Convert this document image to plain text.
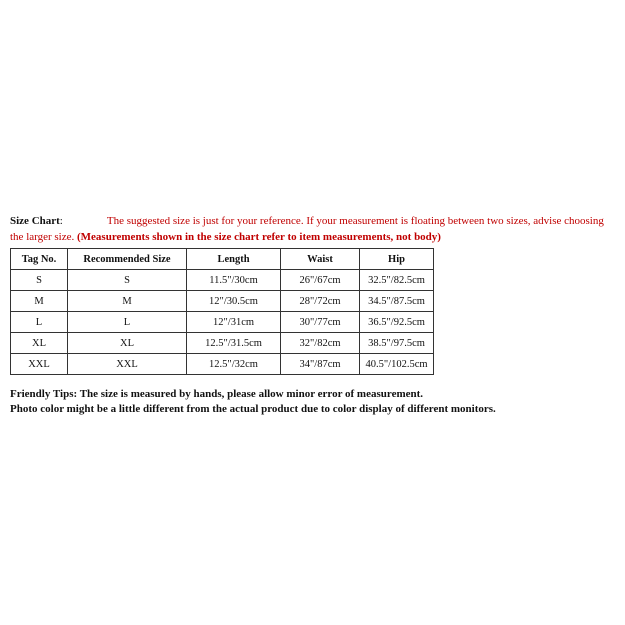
Size Chart:	The suggested size is just for your reference. If your measurement is floating between two sizes, advise choosing the larger size. (Measurements shown in the size chart refer to item measurements, not body)

Tag No.	Recommended Size	Length	Waist	Hip
S	S	11.5"/30cm	26"/67cm	32.5"/82.5cm
M	M	12"/30.5cm	28"/72cm	34.5"/87.5cm
L	L	12"/31cm	30"/77cm	36.5"/92.5cm
XL	XL	12.5"/31.5cm	32"/82cm	38.5"/97.5cm
XXL	XXL	12.5"/32cm	34"/87cm	40.5"/102.5cm
Friendly Tips: The size is measured by hands, please allow minor error of measurement.
Photo color might be a little different from the actual product due to color display of different monitors.
